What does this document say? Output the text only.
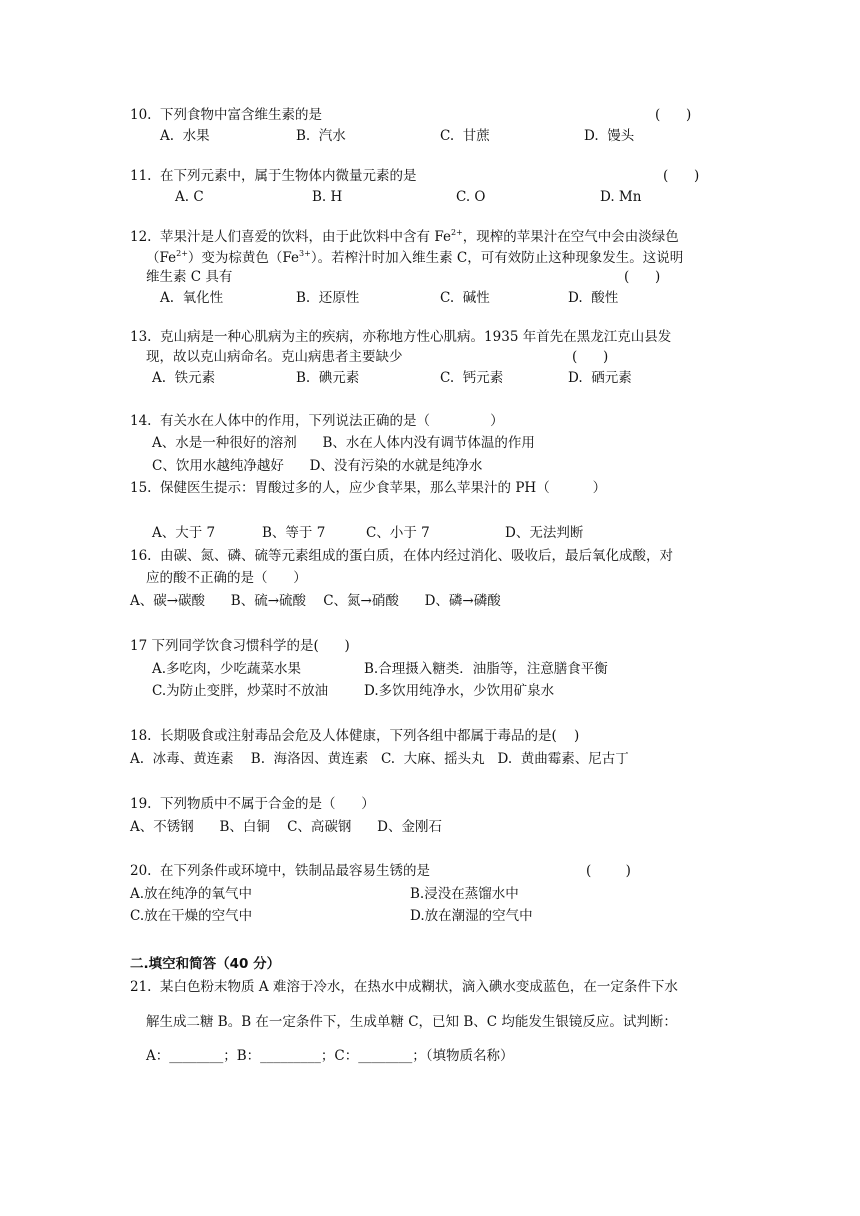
10.  下列食物中富含维生素的是	(      )
A.  水果	B.  汽水	C.  甘蔗	D.  馒头
11.  在下列元素中，属于生物体内微量元素的是	(      )
A. C	B. H	C. O	D. Mn
12.  苹果汁是人们喜爱的饮料，由于此饮料中含有 $Fe^{2+}$，现榨的苹果汁在空气中会由淡绿色
$(Fe^{2+})$变为棕黄色$(Fe^{3+})$。若榨汁时加入维生素 C，可有效防止这种现象发生。这说明
维生素 C 具有	(      )
A.  氧化性	B.  还原性	C.  碱性	D.  酸性
13.  克山病是一种心肌病为主的疾病，亦称地方性心肌病。1935 年首先在黑龙江克山县发
现，故以克山病命名。克山病患者主要缺少	(      )
A.  铁元素	B.  碘元素	C.  钙元素	D.  硒元素
14.  有关水在人体中的作用，下列说法正确的是（              ）
A、水是一种很好的溶剂      B、水在人体内没有调节体温的作用
C、饮用水越纯净越好      D、没有污染的水就是纯净水
15.  保健医生提示：胃酸过多的人，应少食苹果，那么苹果汁的 PH（          ）
A、大于 7	B、等于 7	C、小于 7	D、无法判断
16.  由碳、氮、磷、硫等元素组成的蛋白质，在体内经过消化、吸收后，最后氧化成酸，对
应的酸不正确的是（      ）
A、碳→碳酸      B、硫→硫酸    C、氮→硝酸      D、磷→磷酸
17 下列同学饮食习惯科学的是(      )
A.多吃肉，少吃蔬菜水果	B.合理摄入糖类．油脂等，注意膳食平衡
C.为防止变胖，炒菜时不放油	D.多饮用纯净水，少饮用矿泉水
18.  长期吸食或注射毒品会危及人体健康，下列各组中都属于毒品的是(    )
A.  冰毒、黄连素    B.  海洛因、黄连素   C.  大麻、摇头丸   D.  黄曲霉素、尼古丁
19.  下列物质中不属于合金的是（      ）
A、不锈钢      B、白铜    C、高碳钢      D、金刚石
20.  在下列条件或环境中，铁制品最容易生锈的是	(        )
A.放在纯净的氧气中	B.浸没在蒸馏水中
C.放在干燥的空气中	D.放在潮湿的空气中
二.填空和简答（40 分）
21.  某白色粉末物质 A 难溶于冷水，在热水中成糊状，滴入碘水变成蓝色，在一定条件下水
解生成二糖 B。B 在一定条件下，生成单糖 C，已知 B、C 均能发生银镜反应。试判断：
A：________；B：_________；C：________；（填物质名称）
